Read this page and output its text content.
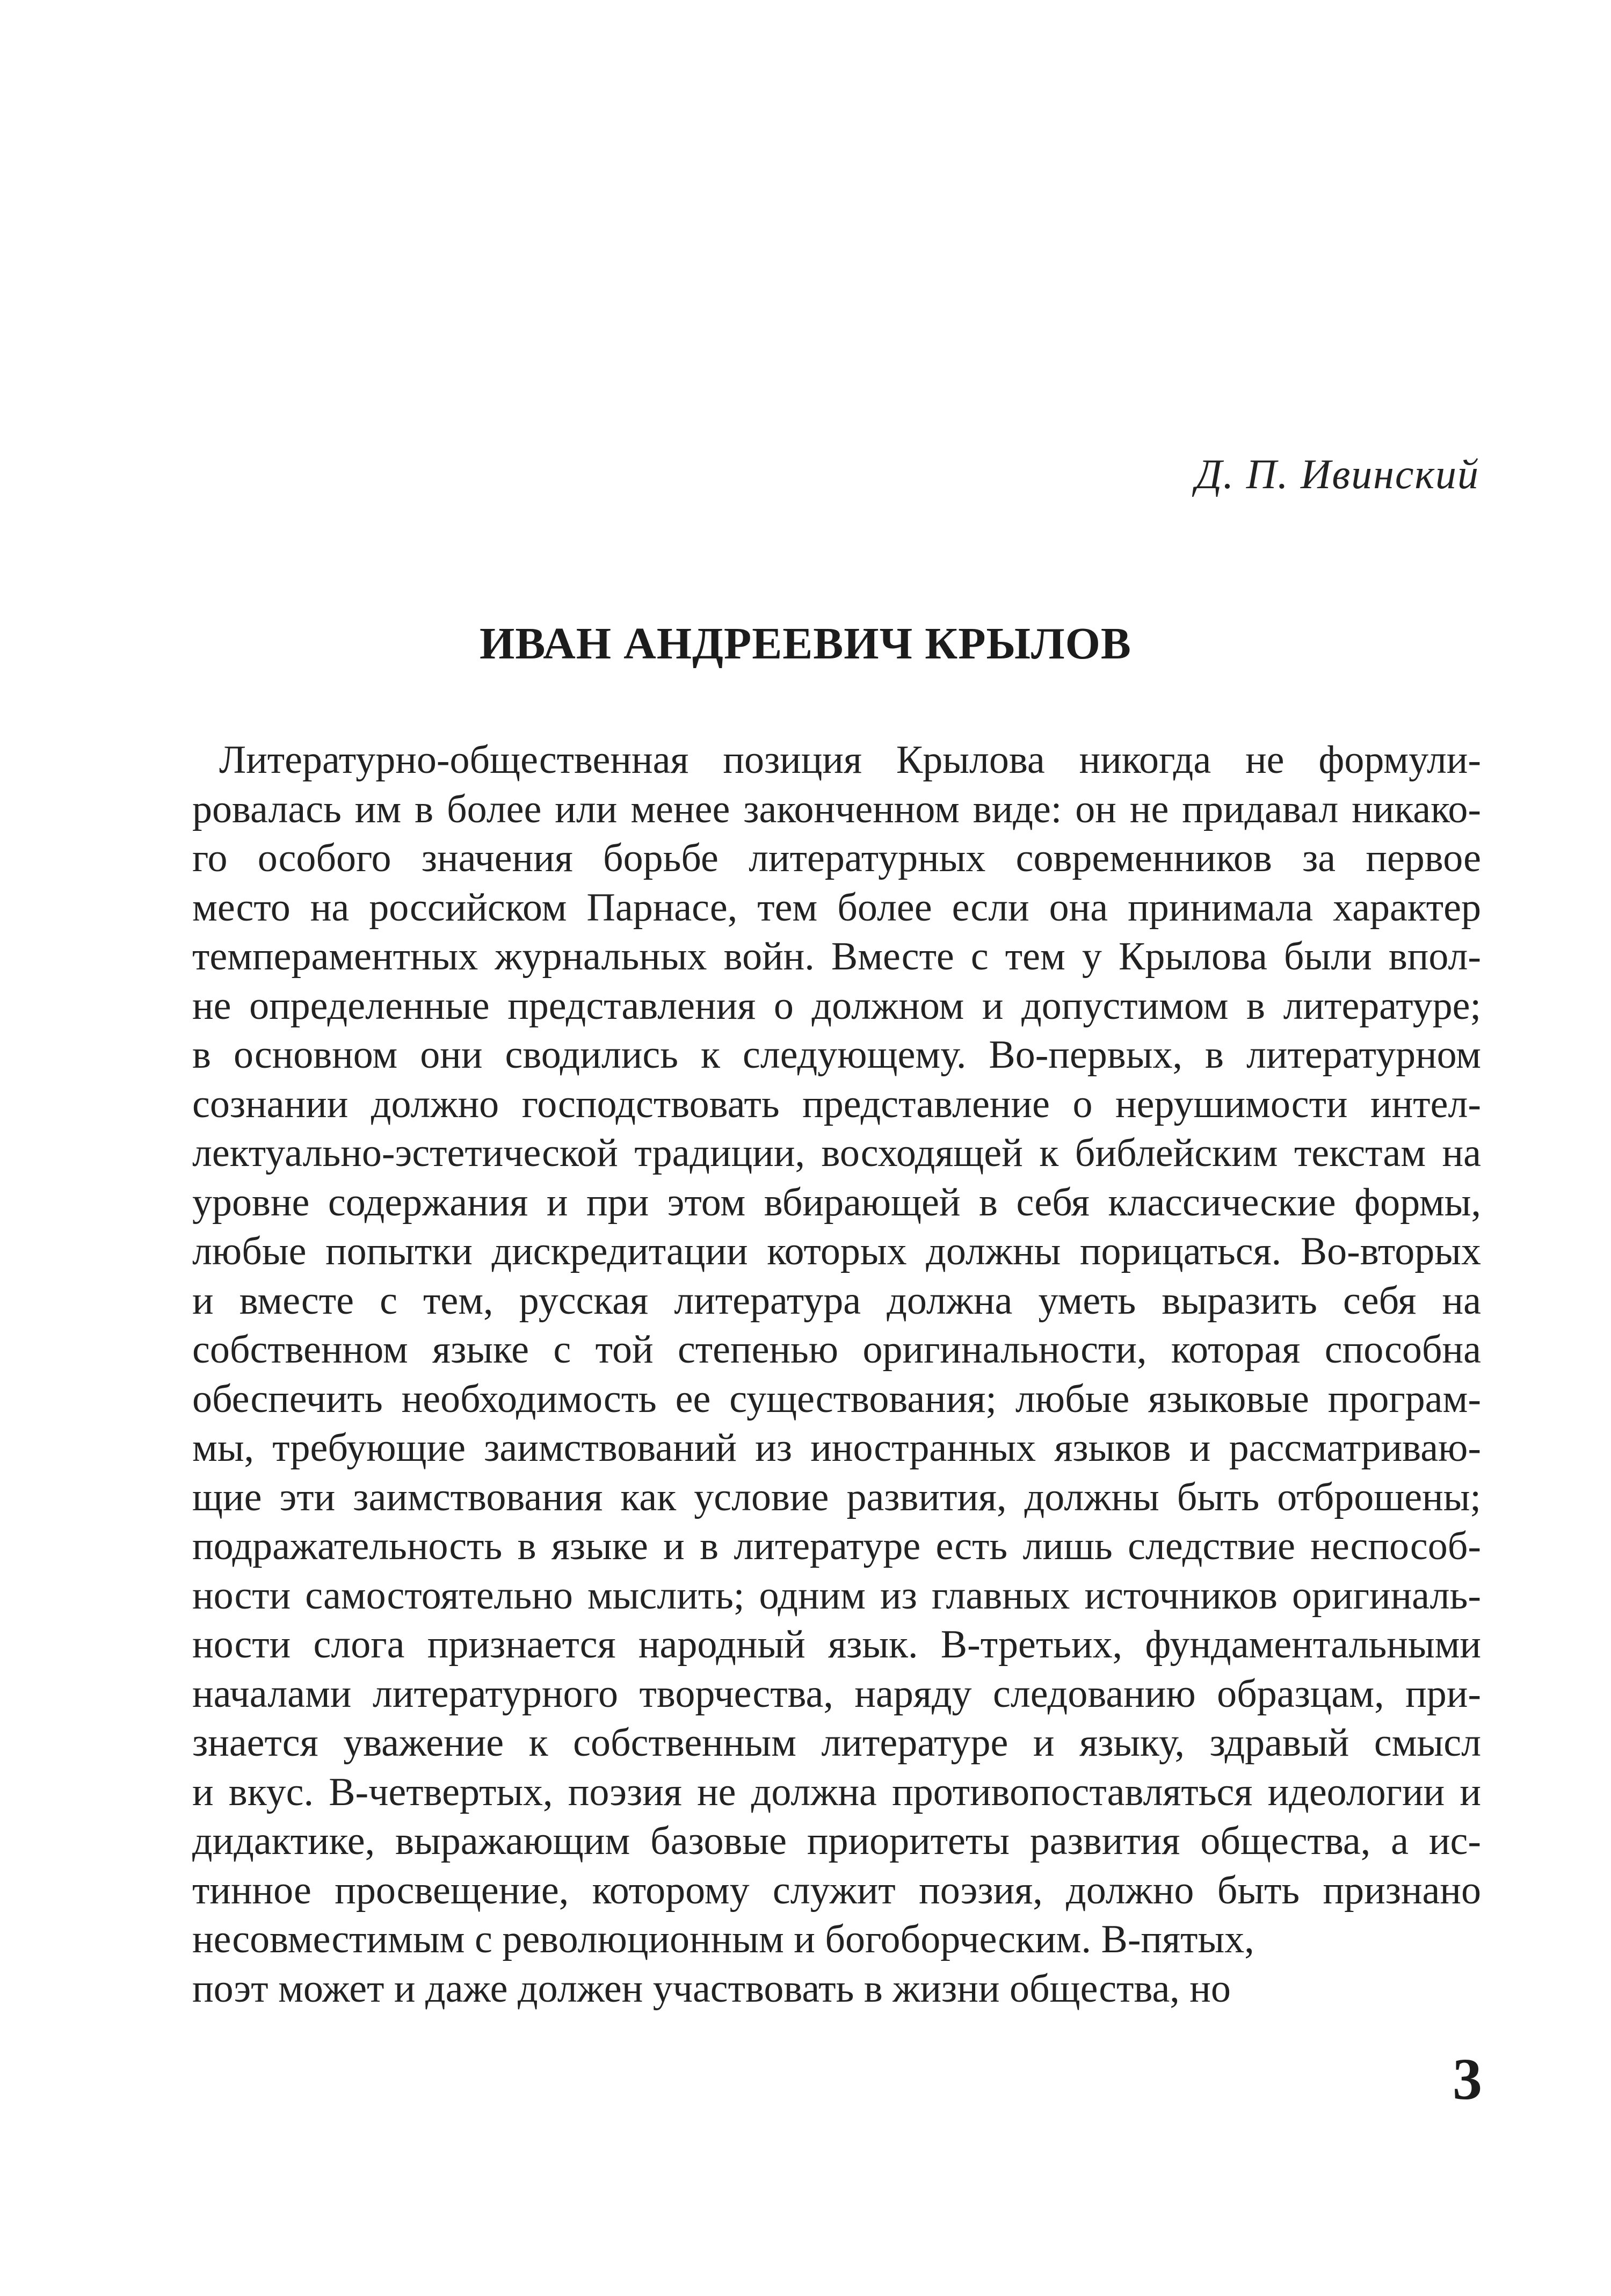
Д. П. Ивинский
ИВАН АНДРЕЕВИЧ КРЫЛОВ
Литературно-общественная позиция Крылова никогда не формули-
ровалась им в более или менее законченном виде: он не придавал никако-
го особого значения борьбе литературных современников за первое
место на российском Парнасе, тем более если она принимала характер
темпераментных журнальных войн. Вместе с тем у Крылова были впол-
не определенные представления о должном и допустимом в литературе;
в основном они сводились к следующему. Во-первых, в литературном
сознании должно господствовать представление о нерушимости интел-
лектуально-эстетической традиции, восходящей к библейским текстам на
уровне содержания и при этом вбирающей в себя классические формы,
любые попытки дискредитации которых должны порицаться. Во-вторых
и вместе с тем, русская литература должна уметь выразить себя на
собственном языке с той степенью оригинальности, которая способна
обеспечить необходимость ее существования; любые языковые програм-
мы, требующие заимствований из иностранных языков и рассматриваю-
щие эти заимствования как условие развития, должны быть отброшены;
подражательность в языке и в литературе есть лишь следствие неспособ-
ности самостоятельно мыслить; одним из главных источников оригиналь-
ности слога признается народный язык. В-третьих, фундаментальными
началами литературного творчества, наряду следованию образцам, при-
знается уважение к собственным литературе и языку, здравый смысл
и вкус. В-четвертых, поэзия не должна противопоставляться идеологии и
дидактике, выражающим базовые приоритеты развития общества, а ис-
тинное просвещение, которому служит поэзия, должно быть признано
несовместимым с революционным и богоборческим. В-пятых,
поэт может и даже должен участвовать в жизни общества, но
3
